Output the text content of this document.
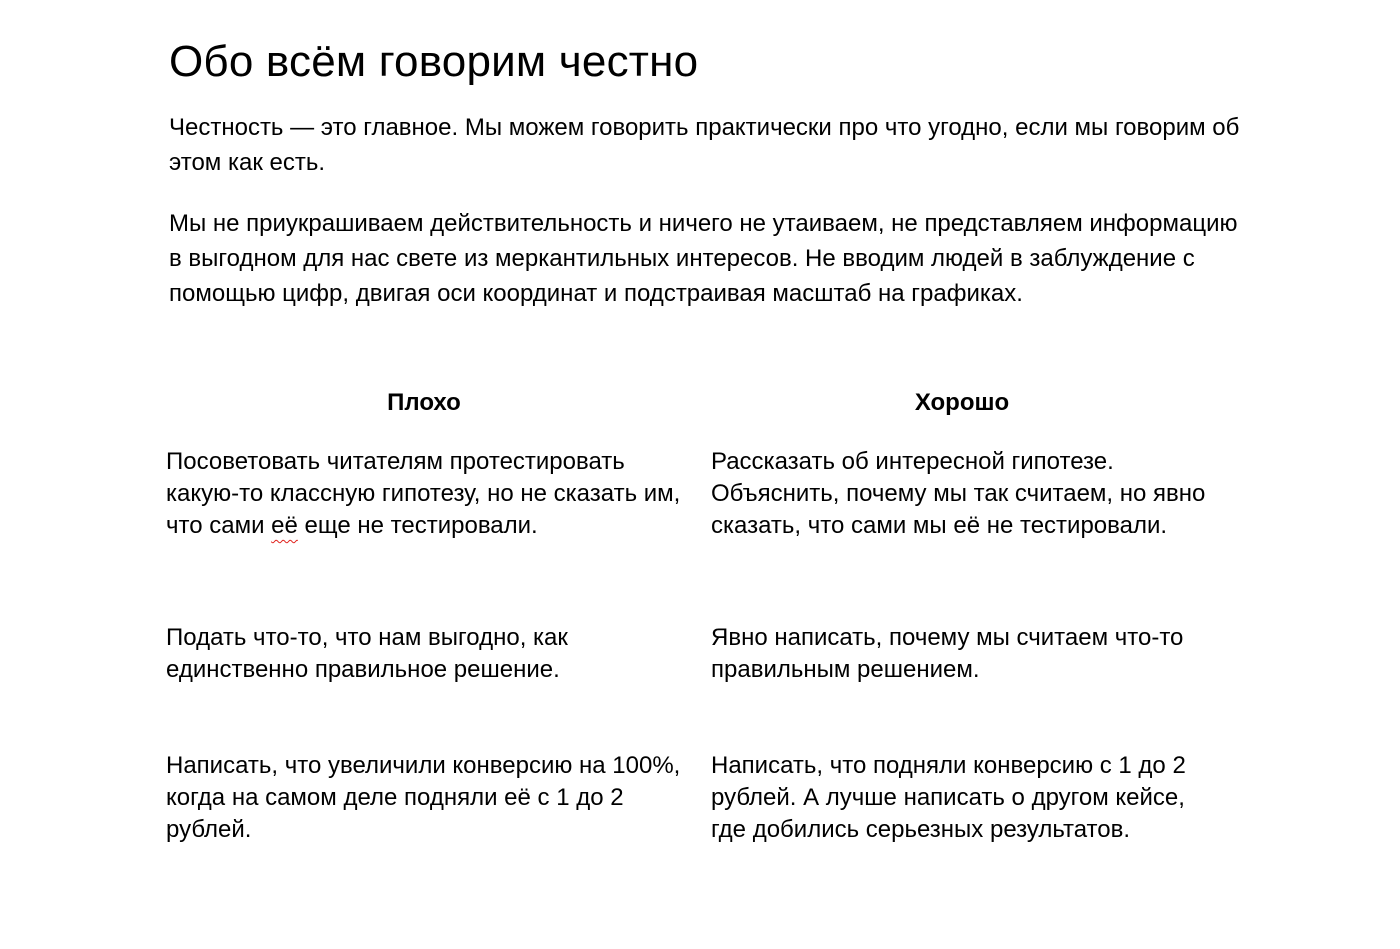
Обо всём говорим честно

Честность — это главное. Мы можем говорить практически про что угодно, если мы говорим об этом как есть.

Мы не приукрашиваем действительность и ничего не утаиваем, не представляем информацию в выгодном для нас свете из меркантильных интересов. Не вводим людей в заблуждение с помощью цифр, двигая оси координат и подстраивая масштаб на графиках.

Плохо	Хорошо

Посоветовать читателям протестировать какую-то классную гипотезу, но не сказать им, что сами её еще не тестировали.

Рассказать об интересной гипотезе. Объяснить, почему мы так считаем, но явно сказать, что сами мы её не тестировали.

Подать что-то, что нам выгодно, как единственно правильное решение.

Явно написать, почему мы считаем что-то правильным решением.

Написать, что увеличили конверсию на 100%, когда на самом деле подняли её с 1 до 2 рублей.

Написать, что подняли конверсию с 1 до 2 рублей. А лучше написать о другом кейсе, где добились серьезных результатов.
